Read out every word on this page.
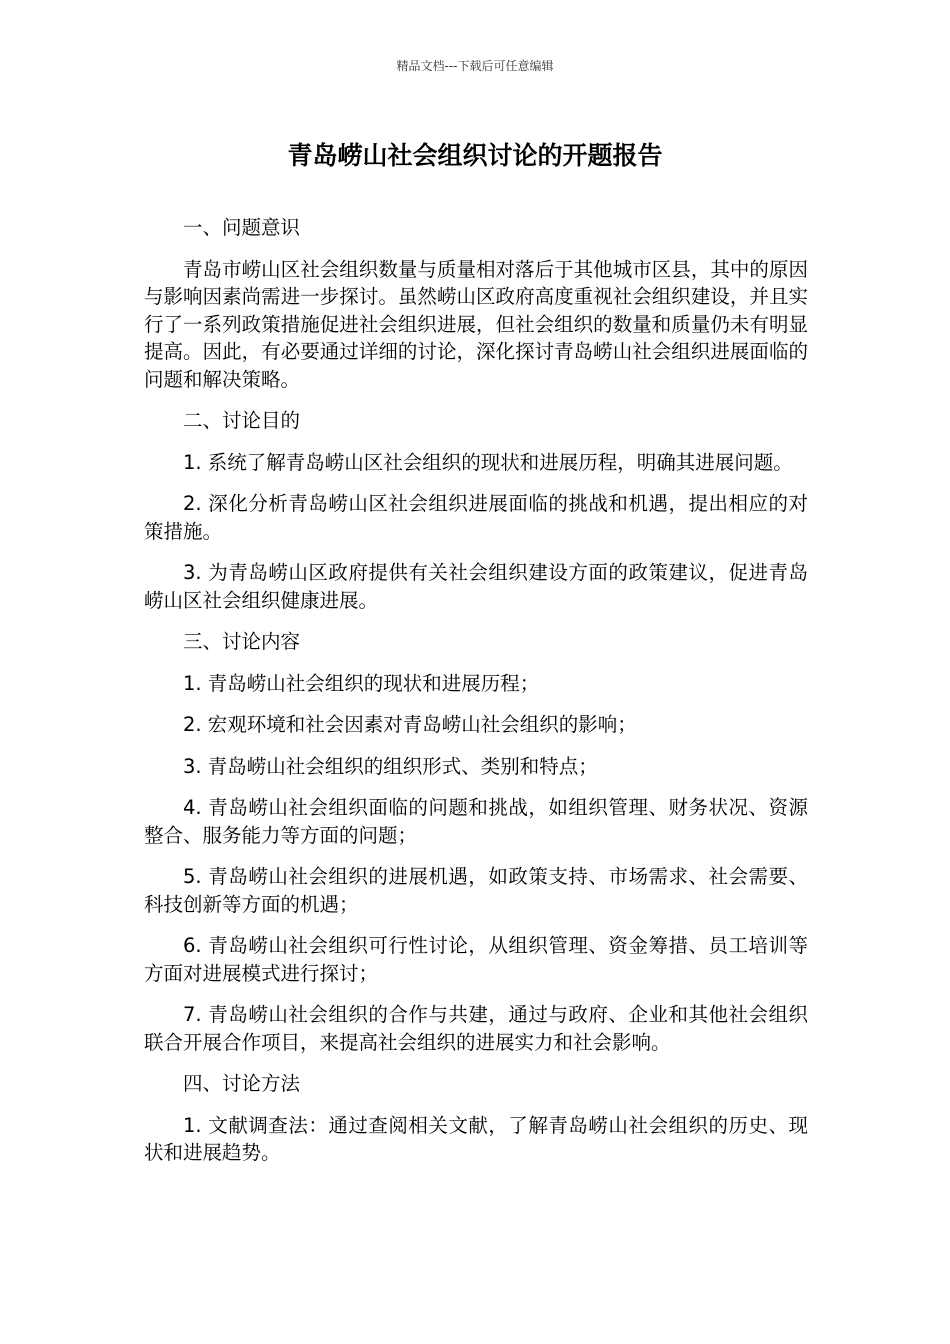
精品文档---下载后可任意编辑
青岛崂山社会组织讨论的开题报告

一、问题意识

青岛市崂山区社会组织数量与质量相对落后于其他城市区县，其中的原因与影响因素尚需进一步探讨。虽然崂山区政府高度重视社会组织建设，并且实行了一系列政策措施促进社会组织进展，但社会组织的数量和质量仍未有明显提高。因此，有必要通过详细的讨论，深化探讨青岛崂山社会组织进展面临的问题和解决策略。

二、讨论目的

1. 系统了解青岛崂山区社会组织的现状和进展历程，明确其进展问题。

2. 深化分析青岛崂山区社会组织进展面临的挑战和机遇，提出相应的对策措施。

3. 为青岛崂山区政府提供有关社会组织建设方面的政策建议，促进青岛崂山区社会组织健康进展。

三、讨论内容

1. 青岛崂山社会组织的现状和进展历程；

2. 宏观环境和社会因素对青岛崂山社会组织的影响；

3. 青岛崂山社会组织的组织形式、类别和特点；

4. 青岛崂山社会组织面临的问题和挑战，如组织管理、财务状况、资源整合、服务能力等方面的问题；

5. 青岛崂山社会组织的进展机遇，如政策支持、市场需求、社会需要、科技创新等方面的机遇；

6. 青岛崂山社会组织可行性讨论，从组织管理、资金筹措、员工培训等方面对进展模式进行探讨；

7. 青岛崂山社会组织的合作与共建，通过与政府、企业和其他社会组织联合开展合作项目，来提高社会组织的进展实力和社会影响。

四、讨论方法

1. 文献调查法：通过查阅相关文献，了解青岛崂山社会组织的历史、现状和进展趋势。
